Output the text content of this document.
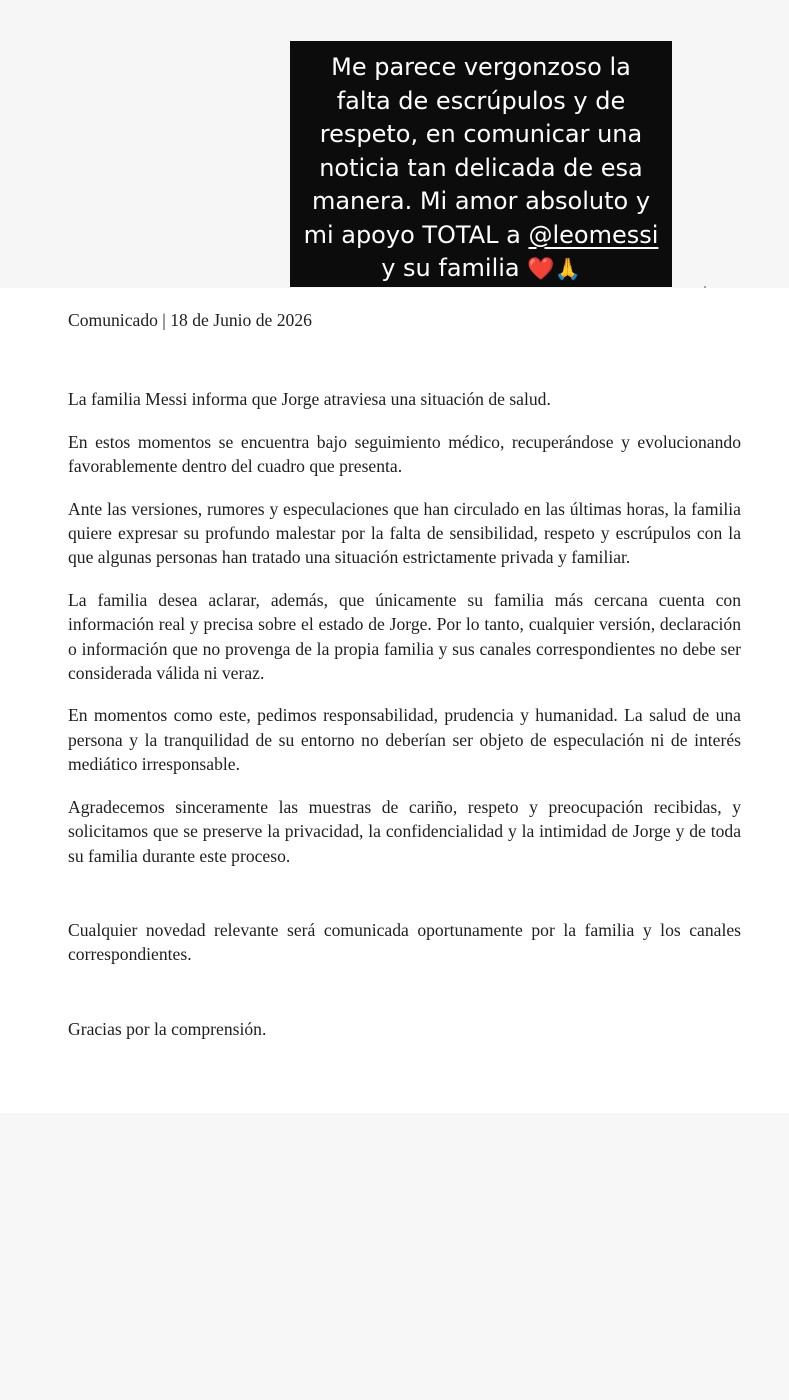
Me parece vergonzoso la
falta de escrúpulos y de
respeto, en comunicar una
noticia tan delicada de esa
manera. Mi amor absoluto y
mi apoyo TOTAL a @leomessi
y su familia ❤️🙏

Comunicado | 18 de Junio de 2026

La familia Messi informa que Jorge atraviesa una situación de salud.

En estos momentos se encuentra bajo seguimiento médico, recuperándose y evolucionando favorablemente dentro del cuadro que presenta.

Ante las versiones, rumores y especulaciones que han circulado en las últimas horas, la familia quiere expresar su profundo malestar por la falta de sensibilidad, respeto y escrúpulos con la que algunas personas han tratado una situación estrictamente privada y familiar.

La familia desea aclarar, además, que únicamente su familia más cercana cuenta con información real y precisa sobre el estado de Jorge. Por lo tanto, cualquier versión, declaración o información que no provenga de la propia familia y sus canales correspondientes no debe ser considerada válida ni veraz.

En momentos como este, pedimos responsabilidad, prudencia y humanidad. La salud de una persona y la tranquilidad de su entorno no deberían ser objeto de especulación ni de interés mediático irresponsable.

Agradecemos sinceramente las muestras de cariño, respeto y preocupación recibidas, y solicitamos que se preserve la privacidad, la confidencialidad y la intimidad de Jorge y de toda su familia durante este proceso.

Cualquier novedad relevante será comunicada oportunamente por la familia y los canales correspondientes.

Gracias por la comprensión.
